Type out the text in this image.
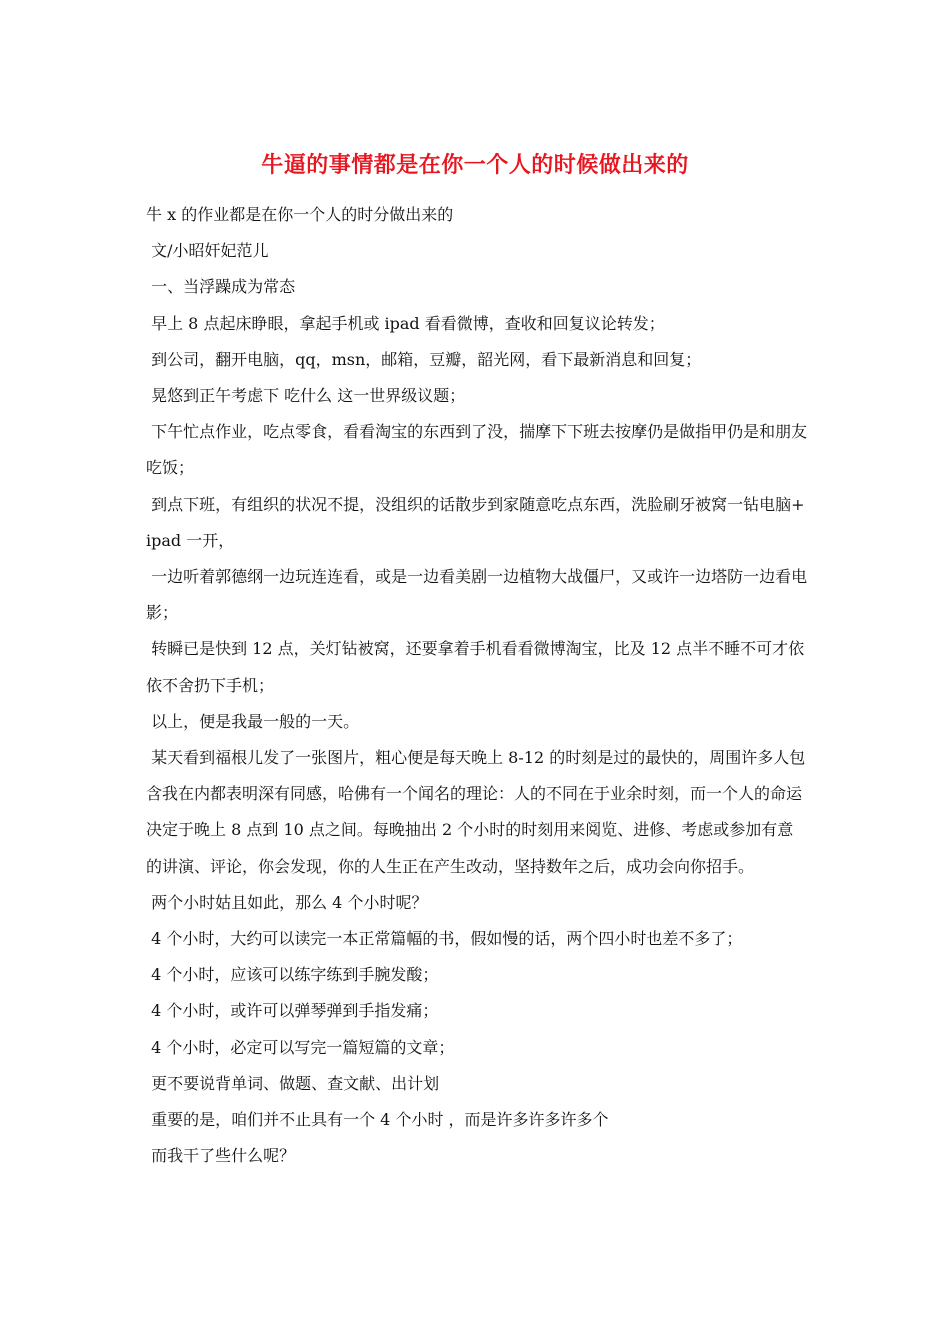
牛逼的事情都是在你一个人的时候做出来的

牛 x 的作业都是在你一个人的时分做出来的

文/小昭奸妃范儿

一、当浮躁成为常态

早上 8 点起床睁眼，拿起手机或 ipad 看看微博，查收和回复议论转发；

到公司，翻开电脑，qq，msn，邮箱，豆瓣，韶光网，看下最新消息和回复；

晃悠到正午考虑下 吃什么 这一世界级议题；

下午忙点作业，吃点零食，看看淘宝的东西到了没，揣摩下下班去按摩仍是做指甲仍是和朋友吃饭；

到点下班，有组织的状况不提，没组织的话散步到家随意吃点东西，洗脸刷牙被窝一钻电脑+ipad 一开，

一边听着郭德纲一边玩连连看，或是一边看美剧一边植物大战僵尸，又或许一边塔防一边看电影；

转瞬已是快到 12 点，关灯钻被窝，还要拿着手机看看微博淘宝，比及 12 点半不睡不可才依依不舍扔下手机；

以上，便是我最一般的一天。

某天看到福根儿发了一张图片，粗心便是每天晚上 8-12 的时刻是过的最快的，周围许多人包含我在内都表明深有同感，哈佛有一个闻名的理论：人的不同在于业余时刻，而一个人的命运决定于晚上 8 点到 10 点之间。每晚抽出 2 个小时的时刻用来阅览、进修、考虑或参加有意的讲演、评论，你会发现，你的人生正在产生改动，坚持数年之后，成功会向你招手。

两个小时姑且如此，那么 4 个小时呢？

4 个小时，大约可以读完一本正常篇幅的书，假如慢的话，两个四小时也差不多了；

4 个小时，应该可以练字练到手腕发酸；

4 个小时，或许可以弹琴弹到手指发痛；

4 个小时，必定可以写完一篇短篇的文章；

更不要说背单词、做题、查文献、出计划

重要的是，咱们并不止具有一个 4 个小时 ，而是许多许多许多个

而我干了些什么呢？
